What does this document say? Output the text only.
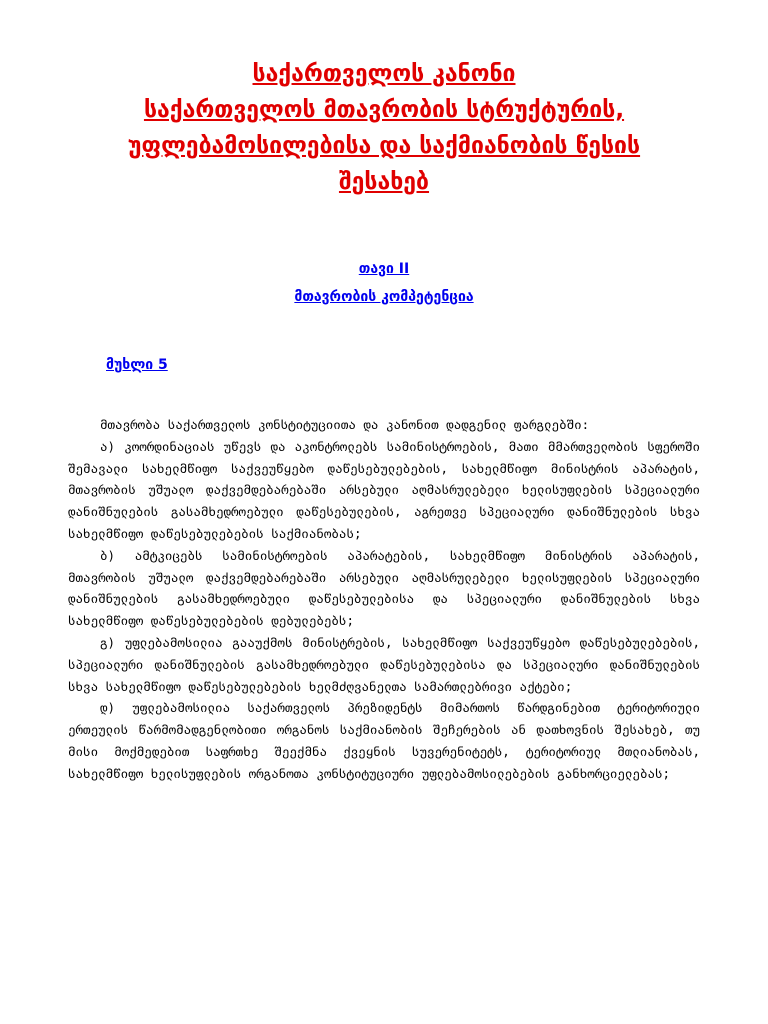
საქართველოს კანონი
საქართველოს მთავრობის სტრუქტურის,
უფლებამოსილებისა და საქმიანობის წესის
შესახებ
თავი II
მთავრობის კომპეტენცია
მუხლი 5

მთავრობა საქართველოს კონსტიტუციითა და კანონით დადგენილ ფარგლებში:

ა) კოორდინაციას უწევს და აკონტროლებს სამინისტროების, მათი მმართველობის სფეროში შემავალი სახელმწიფო საქვეუწყებო დაწესებულებების, სახელმწიფო მინისტრის აპარატის, მთავრობის უშუალო დაქვემდებარებაში არსებული აღმასრულებელი ხელისუფლების სპეციალური დანიშნულების გასამხედროებული დაწესებულების, აგრეთვე სპეციალური დანიშნულების სხვა სახელმწიფო დაწესებულებების საქმიანობას;

ბ) ამტკიცებს სამინისტროების აპარატების, სახელმწიფო მინისტრის აპარატის, მთავრობის უშუალო დაქვემდებარებაში არსებული აღმასრულებელი ხელისუფლების სპეციალური დანიშნულების გასამხედროებული დაწესებულებისა და სპეციალური დანიშნულების სხვა სახელმწიფო დაწესებულებების დებულებებს;

გ) უფლებამოსილია გააუქმოს მინისტრების, სახელმწიფო საქვეუწყებო დაწესებულებების, სპეციალური დანიშნულების გასამხედროებული დაწესებულებისა და სპეციალური დანიშნულების სხვა სახელმწიფო დაწესებულებების ხელმძღვანელთა სამართლებრივი აქტები;

დ) უფლებამოსილია საქართველოს პრეზიდენტს მიმართოს წარდგინებით ტერიტორიული ერთეულის წარმომადგენლობითი ორგანოს საქმიანობის შეჩერების ან დათხოვნის შესახებ, თუ მისი მოქმედებით საფრთხე შეექმნა ქვეყნის სუვერენიტეტს, ტერიტორიულ მთლიანობას, სახელმწიფო ხელისუფლების ორგანოთა კონსტიტუციური უფლებამოსილებების განხორციელებას;
